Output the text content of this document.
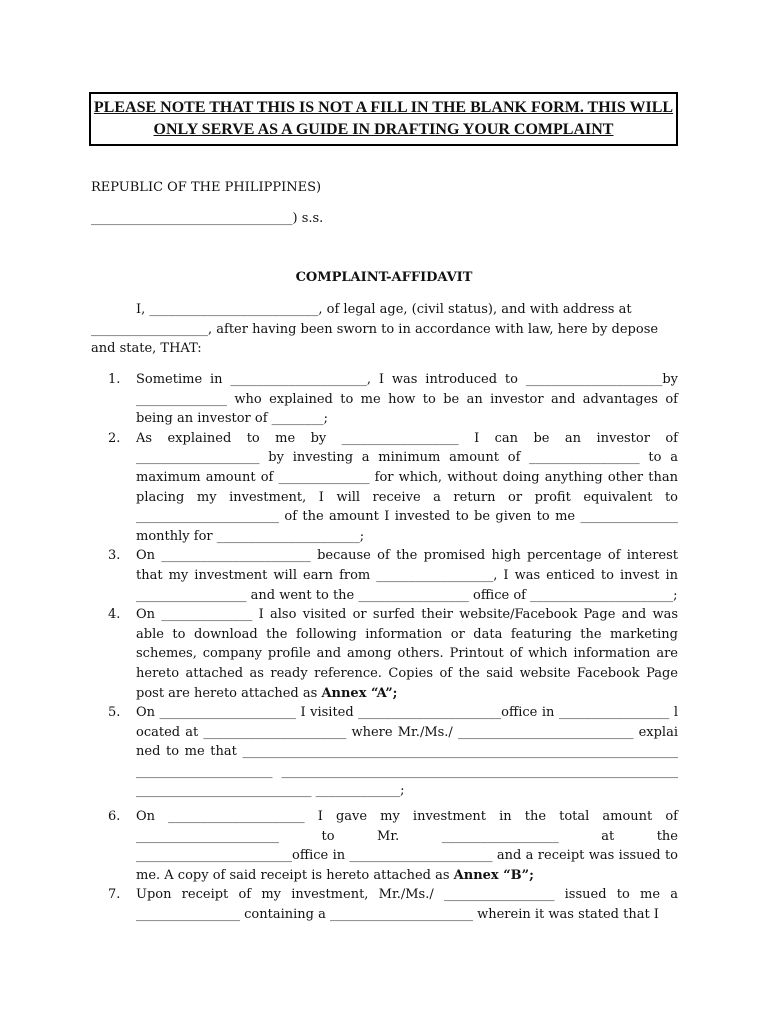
PLEASE NOTE THAT THIS IS NOT A FILL IN THE BLANK FORM. THIS WILL
ONLY SERVE AS A GUIDE IN DRAFTING YOUR COMPLAINT
REPUBLIC OF THE PHILIPPINES)
_______________________________) s.s.
COMPLAINT-AFFIDAVIT
I, __________________________, of legal age, (civil status), and with address at __________________, after having been sworn to in accordance with law, here by depose and state, THAT:
1.	Sometime in _____________________, I was introduced to _____________________by ______________ who explained to me how to be an investor and advantages of being an investor of ________;
2.	As explained to me by __________________ I can be an investor of ___________________ by investing a minimum amount of _________________ to a maximum amount of ______________ for which, without doing anything other than placing my investment, I will receive a return or profit equivalent to ______________________ of the amount I invested to be given to me _______________ monthly for ______________________;
3.	On _______________________ because of the promised high percentage of interest that my investment will earn from __________________, I was enticed to invest in _________________ and went to the _________________ office of ______________________;
4.	On ______________ I also visited or surfed their website/Facebook Page and was able to download the following information or data featuring the marketing schemes, company profile and among others. Printout of which information are hereto attached as ready reference. Copies of the said website Facebook Page post are hereto attached as Annex “A”;
5.	On _____________________ I visited ______________________office in _________________ located at ______________________ where Mr./Ms./ ___________________________ explained to me that ________________________________________________________________________________________ ________________________________________________________________________________________ _____________;
6.	On _____________________ I gave my investment in the total amount of ______________________ to Mr. __________________ at the ________________________office in ______________________ and a receipt was issued to me. A copy of said receipt is hereto attached as Annex “B”;
7.	Upon receipt of my investment, Mr./Ms./ _________________ issued to me a ________________ containing a ______________________ wherein it was stated that I
